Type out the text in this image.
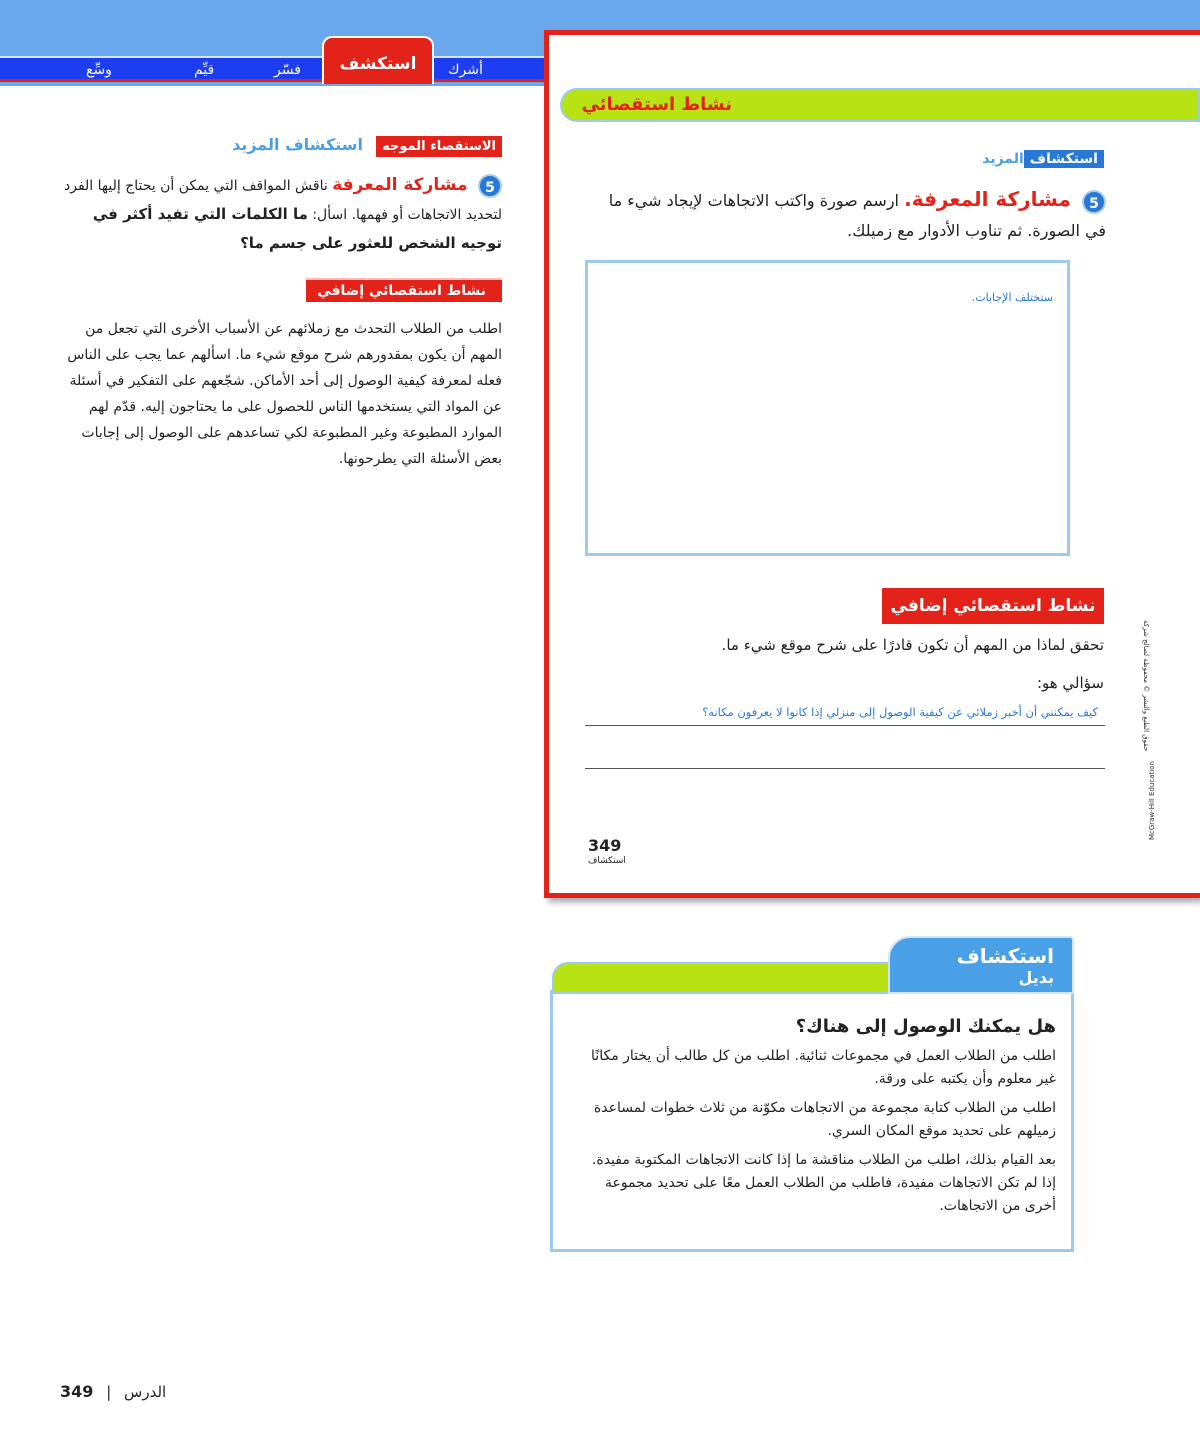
أشرك
فسّر
قيِّم
وسِّع	استكشف
الاستقصاء الموجه استكشاف المزيد
5 مشاركة المعرفة ناقش المواقف التي يمكن أن يحتاج إليها الفرد لتحديد الاتجاهات أو فهمها. اسأل: ما الكلمات التي تفيد أكثر في توجيه الشخص للعثور على جسم ما؟
نشاط استقصائي إضافي
اطلب من الطلاب التحدث مع زملائهم عن الأسباب الأخرى التي تجعل من المهم أن يكون بمقدورهم شرح موقع شيء ما. اسألهم عما يجب على الناس فعله لمعرفة كيفية الوصول إلى أحد الأماكن. شجّعهم على التفكير في أسئلة عن المواد التي يستخدمها الناس للحصول على ما يحتاجون إليه. قدّم لهم الموارد المطبوعة وغير المطبوعة لكي تساعدهم على الوصول إلى إجابات بعض الأسئلة التي يطرحونها.
نشاط استقصائي
استكشافالمزيد
5 مشاركة المعرفة. ارسم صورة واكتب الاتجاهات لإيجاد شيء ما في الصورة. ثم تناوب الأدوار مع زميلك.
ستختلف الإجابات.
نشاط استقصائي إضافي
تحقق لماذا من المهم أن تكون قادرًا على شرح موقع شيء ما.
سؤالي هو:
كيف يمكنني أن أخبر زملائي عن كيفية الوصول إلى منزلي إذا كانوا لا يعرفون مكانه؟
349
استكشاف
McGraw-Hill Education
حقوق الطبع والنشر © محفوظة لصالح شركة
استكشاف
بديل
هل يمكنك الوصول إلى هناك؟
اطلب من الطلاب العمل في مجموعات ثنائية. اطلب من كل طالب أن يختار مكانًا غير معلوم وأن يكتبه على ورقة.
اطلب من الطلاب كتابة مجموعة من الاتجاهات مكوّنة من ثلاث خطوات لمساعدة زميلهم على تحديد موقع المكان السري.
بعد القيام بذلك، اطلب من الطلاب مناقشة ما إذا كانت الاتجاهات المكتوبة مفيدة. إذا لم تكن الاتجاهات مفيدة، فاطلب من الطلاب العمل معًا على تحديد مجموعة أخرى من الاتجاهات.
الدرس | 349
